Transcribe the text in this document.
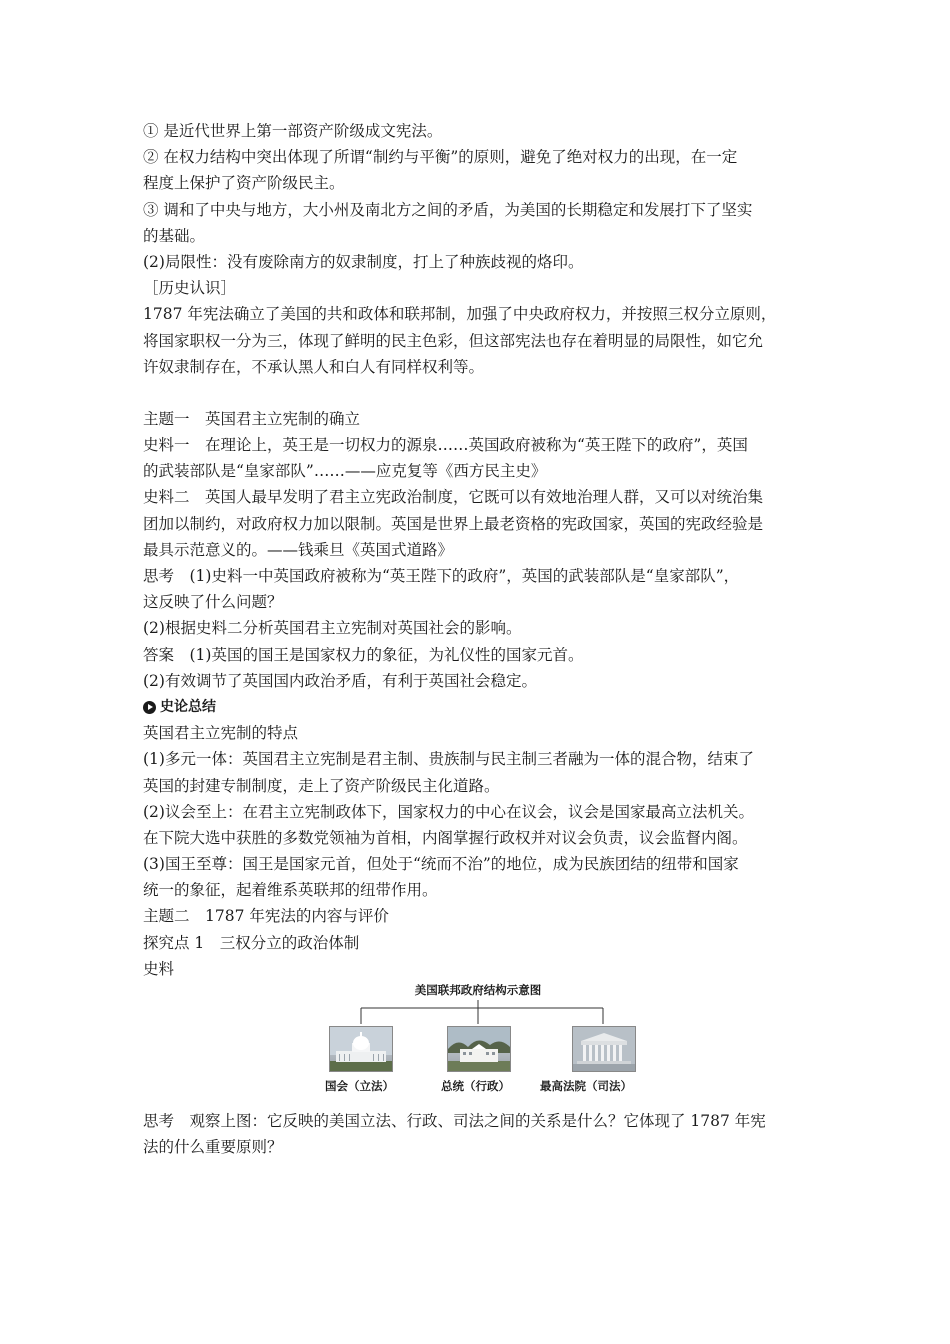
① 是近代世界上第一部资产阶级成文宪法。
② 在权力结构中突出体现了所谓“制约与平衡”的原则，避免了绝对权力的出现，在一定
程度上保护了资产阶级民主。
③ 调和了中央与地方，大小州及南北方之间的矛盾，为美国的长期稳定和发展打下了坚实
的基础。
(2)局限性：没有废除南方的奴隶制度，打上了种族歧视的烙印。
［历史认识］
1787 年宪法确立了美国的共和政体和联邦制，加强了中央政府权力，并按照三权分立原则，
将国家职权一分为三，体现了鲜明的民主色彩，但这部宪法也存在着明显的局限性，如它允
许奴隶制存在，不承认黑人和白人有同样权利等。
主题一　英国君主立宪制的确立
史料一　在理论上，英王是一切权力的源泉……英国政府被称为“英王陛下的政府”，英国
的武装部队是“皇家部队”……——应克复等《西方民主史》
史料二　英国人最早发明了君主立宪政治制度，它既可以有效地治理人群，又可以对统治集
团加以制约，对政府权力加以限制。英国是世界上最老资格的宪政国家，英国的宪政经验是
最具示范意义的。——钱乘旦《英国式道路》
思考　(1)史料一中英国政府被称为“英王陛下的政府”，英国的武装部队是“皇家部队”，
这反映了什么问题？
(2)根据史料二分析英国君主立宪制对英国社会的影响。
答案　(1)英国的国王是国家权力的象征，为礼仪性的国家元首。
(2)有效调节了英国国内政治矛盾，有利于英国社会稳定。
史论总结
英国君主立宪制的特点
(1)多元一体：英国君主立宪制是君主制、贵族制与民主制三者融为一体的混合物，结束了
英国的封建专制制度，走上了资产阶级民主化道路。
(2)议会至上：在君主立宪制政体下，国家权力的中心在议会，议会是国家最高立法机关。
在下院大选中获胜的多数党领袖为首相，内阁掌握行政权并对议会负责，议会监督内阁。
(3)国王至尊：国王是国家元首，但处于“统而不治”的地位，成为民族团结的纽带和国家
统一的象征，起着维系英联邦的纽带作用。
主题二　1787 年宪法的内容与评价
探究点 1　三权分立的政治体制
史料
美国联邦政府结构示意图
国会（立法）	总统（行政）	最高法院（司法）
思考　观察上图：它反映的美国立法、行政、司法之间的关系是什么？它体现了 1787 年宪
法的什么重要原则？
